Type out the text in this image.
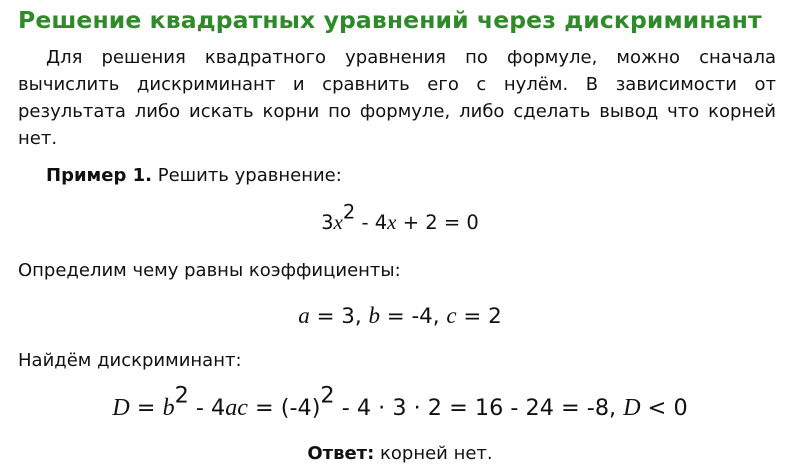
Решение квадратных уравнений через дискриминант

Для решения квадратного уравнения по формуле, можно сначала вычислить дискриминант и сравнить его с нулём. В зависимости от результата либо искать корни по формуле, либо сделать вывод что корней нет.

Пример 1. Решить уравнение:

$3x^2 - 4x + 2 = 0$

Определим чему равны коэффициенты:

a = 3, b = -4, c = 2

Найдём дискриминант:

$D = b^2 - 4ac = (-4)^2 - 4 \cdot 3 \cdot 2 = 16 - 24 = -8$, D < 0

Ответ: корней нет.
